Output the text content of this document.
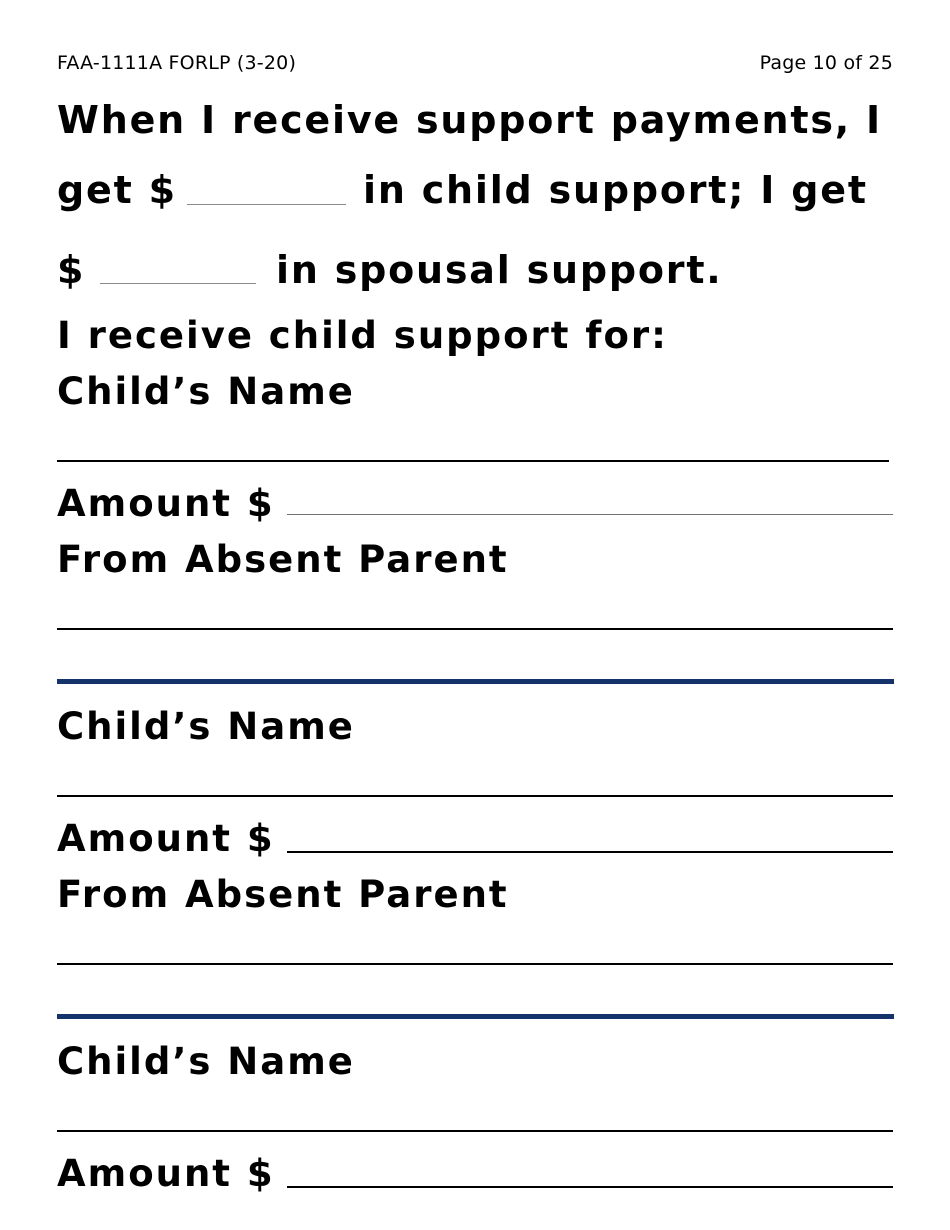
FAA-1111A FORLP (3-20)	Page 10 of 25
When I receive support payments, I
get $	in child support; I get
$	in spousal support.
I receive child support for:
Child’s Name
Amount $
From Absent Parent
Child’s Name
Amount $
From Absent Parent
Child’s Name
Amount $
